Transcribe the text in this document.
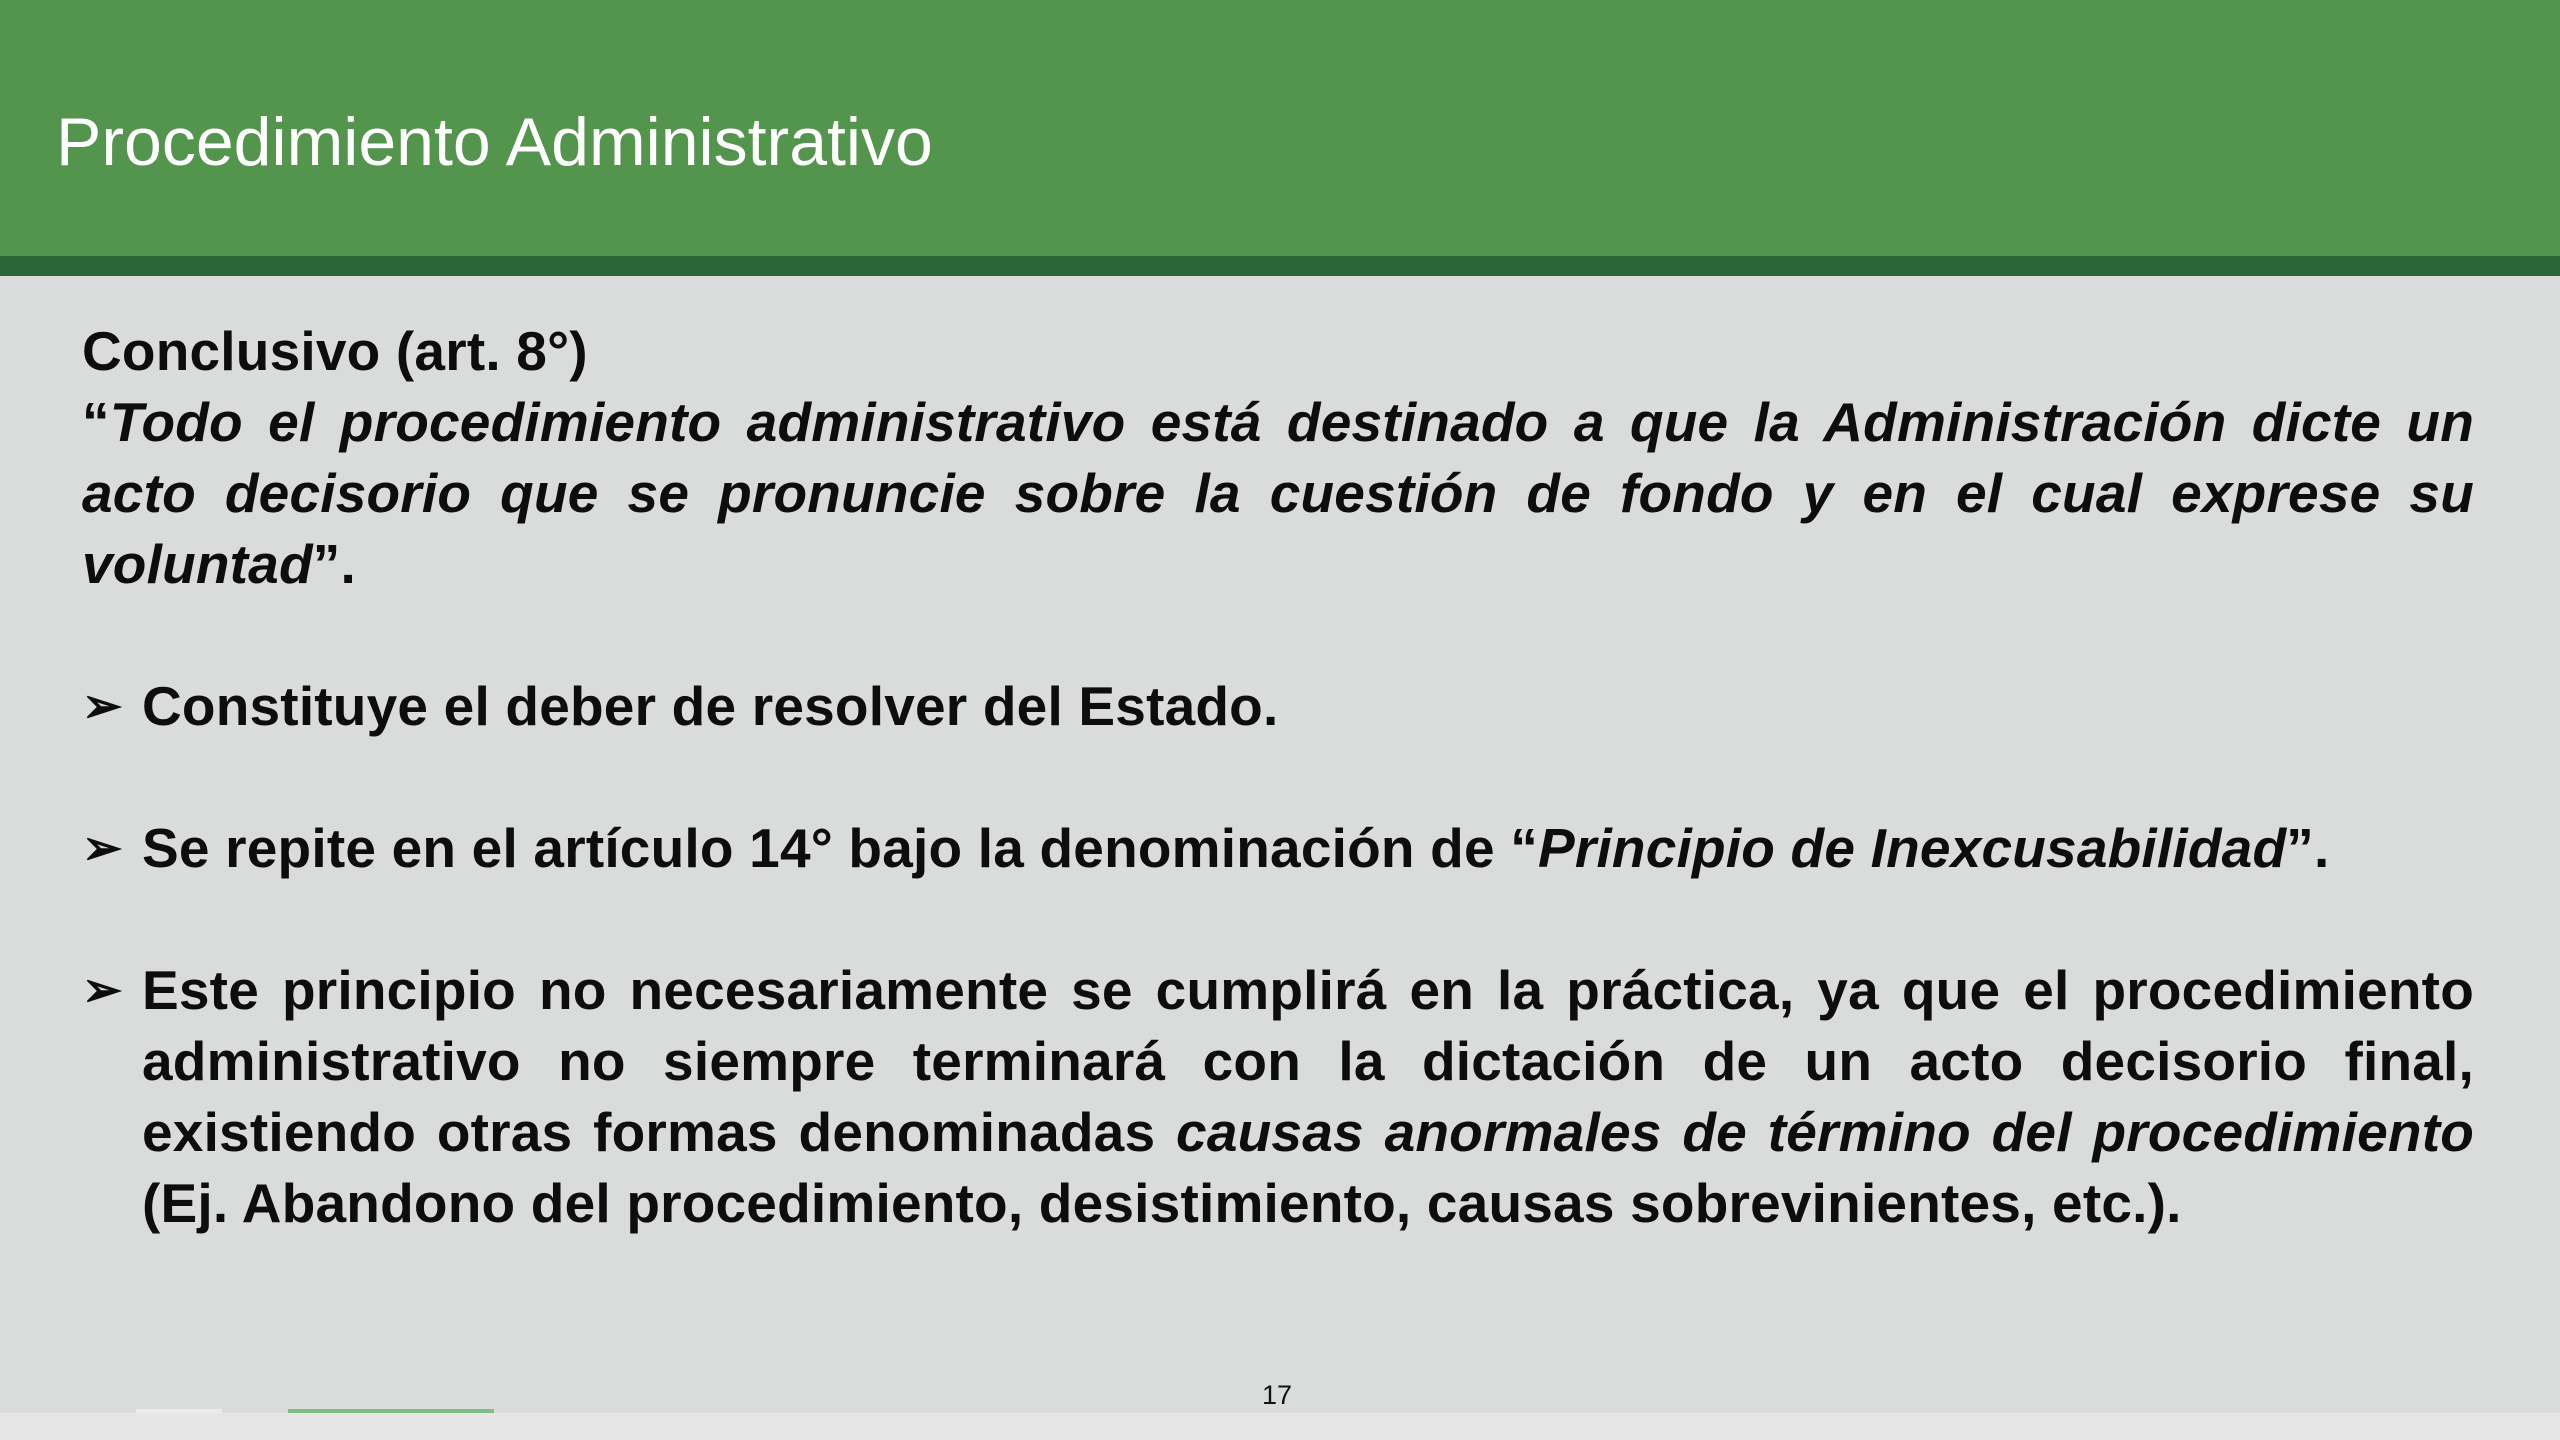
Procedimiento Administrativo

Conclusivo (art. 8°)

“Todo el procedimiento administrativo está destinado a que la Administración dicte un acto decisorio que se pronuncie sobre la cuestión de fondo y en el cual exprese su voluntad”.

➢ Constituye el deber de resolver del Estado.

➢ Se repite en el artículo 14° bajo la denominación de “Principio de Inexcusabilidad”.

➢ Este principio no necesariamente se cumplirá en la práctica, ya que el procedimiento administrativo no siempre terminará con la dictación de un acto decisorio final, existiendo otras formas denominadas causas anormales de término del procedimiento (Ej. Abandono del procedimiento, desistimiento, causas sobrevinientes, etc.).

17
